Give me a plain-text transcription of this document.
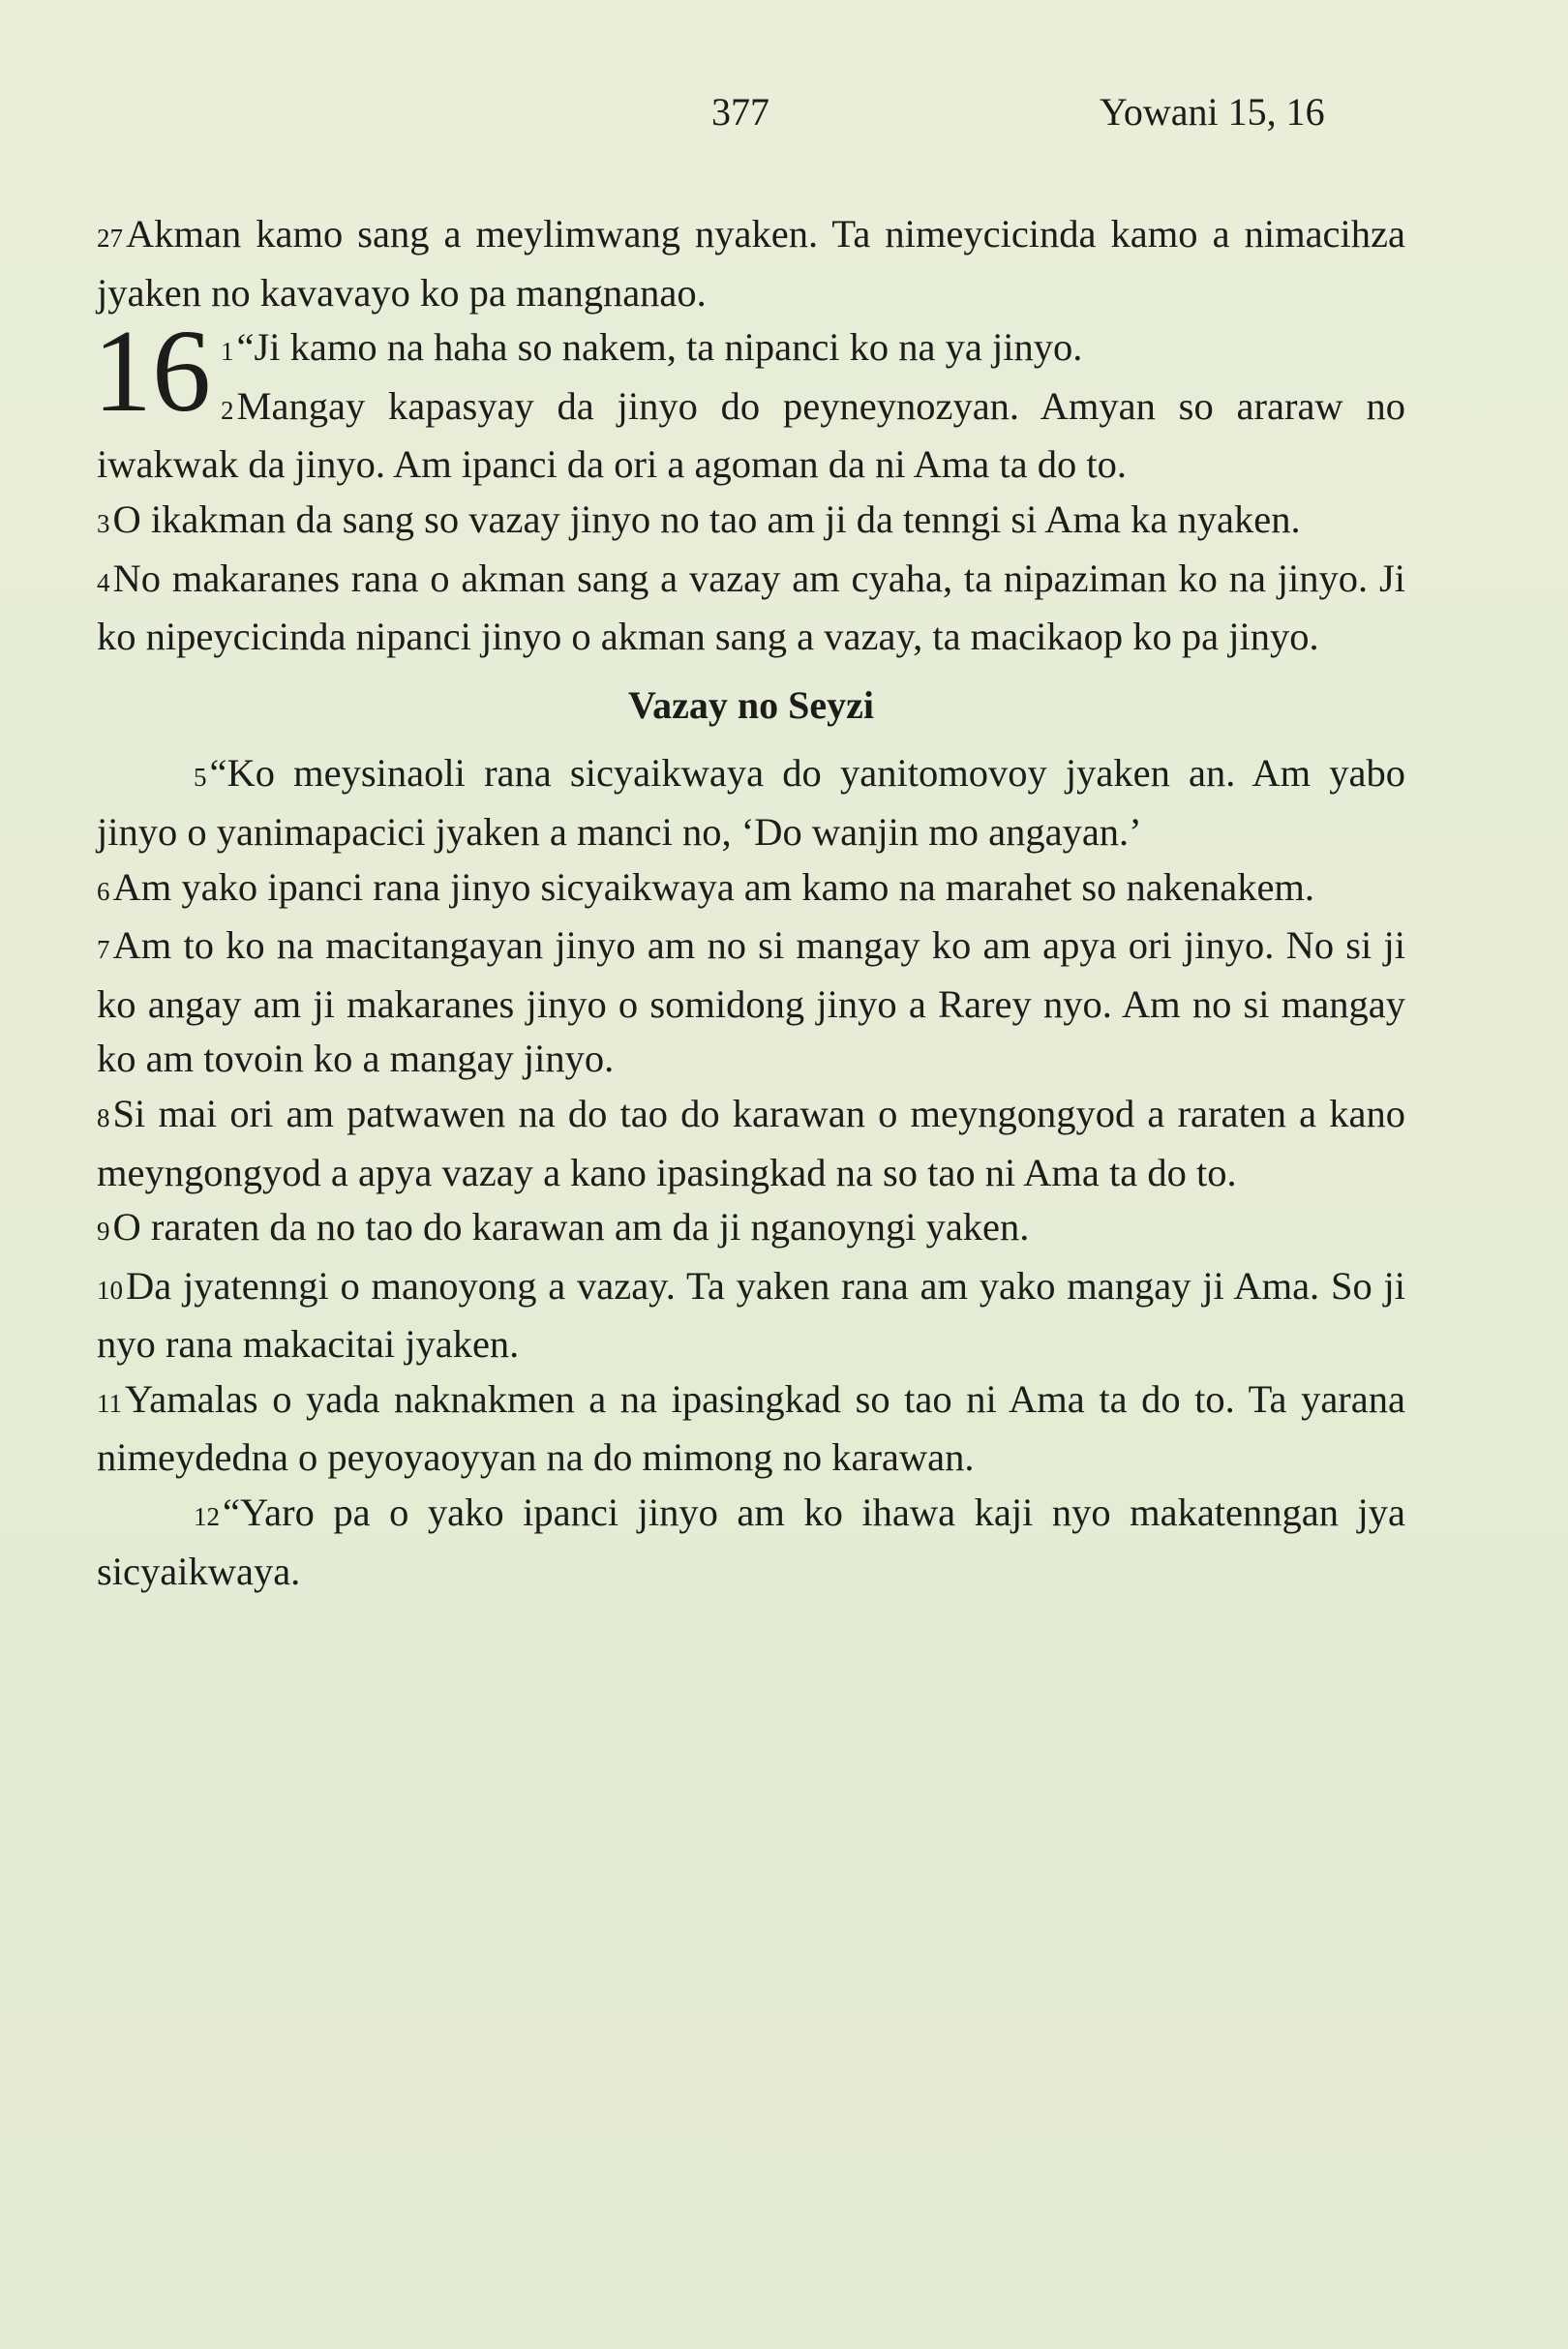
377	Yowani 15, 16

27Akman kamo sang a meylimwang nyaken. Ta nimeycicinda kamo a nimacihza jyaken no kavavayo ko pa mangnanao.

16 1“Ji kamo na haha so nakem, ta nipanci ko na ya jinyo.

2Mangay kapasyay da jinyo do peyneynozyan. Amyan so araraw no iwakwak da jinyo. Am ipanci da ori a agoman da ni Ama ta do to.

3O ikakman da sang so vazay jinyo no tao am ji da tenngi si Ama ka nyaken.

4No makaranes rana o akman sang a vazay am cyaha, ta nipaziman ko na jinyo. Ji ko nipeycicinda nipanci jinyo o akman sang a vazay, ta macikaop ko pa jinyo.

Vazay no Seyzi

5“Ko meysinaoli rana sicyaikwaya do yanitomovoy jyaken an. Am yabo jinyo o yanimapacici jyaken a manci no, ‘Do wanjin mo angayan.’

6Am yako ipanci rana jinyo sicyaikwaya am kamo na marahet so nakenakem.

7Am to ko na macitangayan jinyo am no si mangay ko am apya ori jinyo. No si ji ko angay am ji makaranes jinyo o somidong jinyo a Rarey nyo. Am no si mangay ko am tovoin ko a mangay jinyo.

8Si mai ori am patwawen na do tao do karawan o meyngongyod a raraten a kano meyngongyod a apya vazay a kano ipasingkad na so tao ni Ama ta do to.

9O raraten da no tao do karawan am da ji nganoyngi yaken.

10Da jyatenngi o manoyong a vazay. Ta yaken rana am yako mangay ji Ama. So ji nyo rana makacitai jyaken.

11Yamalas o yada naknakmen a na ipasingkad so tao ni Ama ta do to. Ta yarana nimeydedna o peyoyaoyyan na do mimong no karawan.

12“Yaro pa o yako ipanci jinyo am ko ihawa kaji nyo makatenngan jya sicyaikwaya.
